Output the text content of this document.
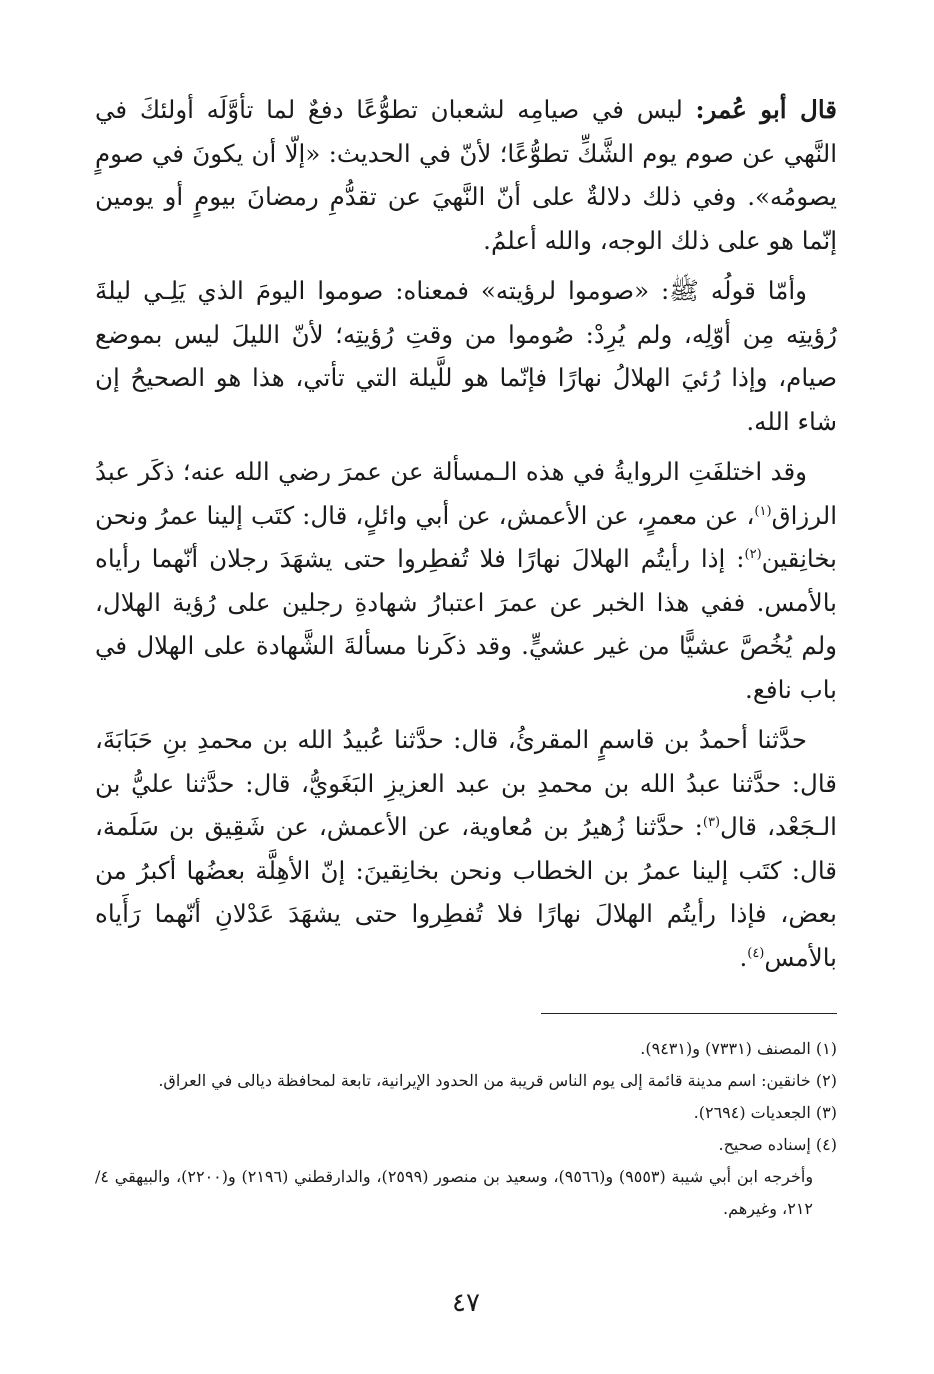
قال أبو عُمر: ليس في صيامِه لشعبان تطوُّعًا دفعٌ لما تأوَّلَه أولئكَ في النَّهي عن صوم يوم الشَّكِّ تطوُّعًا؛ لأنّ في الحديث: «إلّا أن يكونَ في صومٍ يصومُه». وفي ذلك دلالةٌ على أنّ النَّهيَ عن تقدُّمِ رمضانَ بيومٍ أو يومين إنّما هو على ذلك الوجه، والله أعلمُ.

وأمّا قولُه ﷺ: «صوموا لرؤيته» فمعناه: صوموا اليومَ الذي يَلِـي ليلةَ رُؤيتِه مِن أوّلِه، ولم يُرِدْ: صُوموا من وقتِ رُؤيتِه؛ لأنّ الليلَ ليس بموضع صيام، وإذا رُئيَ الهلالُ نهارًا فإنّما هو للَّيلة التي تأتي، هذا هو الصحيحُ إن شاء الله.

وقد اختلفَتِ الروايةُ في هذه الـمسألة عن عمرَ رضي الله عنه؛ ذكَر عبدُ الرزاق$^{(١)}$، عن معمرٍ، عن الأعمش، عن أبي وائلٍ، قال: كتَب إلينا عمرُ ونحن بخانِقين$^{(٢)}$: إذا رأيتُم الهلالَ نهارًا فلا تُفطِروا حتى يشهَدَ رجلان أنّهما رأياه بالأمس. ففي هذا الخبر عن عمرَ اعتبارُ شهادةِ رجلين على رُؤية الهلال، ولم يُخُصَّ عشيًّا من غير عشيٍّ. وقد ذكَرنا مسألةَ الشَّهادة على الهلال في باب نافع.

حدَّثنا أحمدُ بن قاسمٍ المقرئُ، قال: حدَّثنا عُبيدُ الله بن محمدِ بنِ حَبَابَةَ، قال: حدَّثنا عبدُ الله بن محمدِ بن عبد العزيزِ البَغَويُّ، قال: حدَّثنا عليُّ بن الـجَعْد، قال$^{(٣)}$: حدَّثنا زُهيرُ بن مُعاوية، عن الأعمش، عن شَقِيق بن سَلَمة، قال: كتَب إلينا عمرُ بن الخطاب ونحن بخانِقينَ: إنّ الأهِلَّة بعضُها أكبرُ من بعض، فإذا رأيتُم الهلالَ نهارًا فلا تُفطِروا حتى يشهَدَ عَدْلانِ أنّهما رَأَياه بالأمس$^{(٤)}$.

(١) المصنف (٧٣٣١) و(٩٤٣١).

(٢) خانقين: اسم مدينة قائمة إلى يوم الناس قريبة من الحدود الإيرانية، تابعة لمحافظة ديالى في العراق.

(٣) الجعديات (٢٦٩٤).

(٤) إسناده صحيح.

وأخرجه ابن أبي شيبة (٩٥٥٣) و(٩٥٦٦)، وسعيد بن منصور (٢٥٩٩)، والدارقطني (٢١٩٦) و(٢٢٠٠)، والبيهقي ٤/ ٢١٢، وغيرهم.

٤٧
